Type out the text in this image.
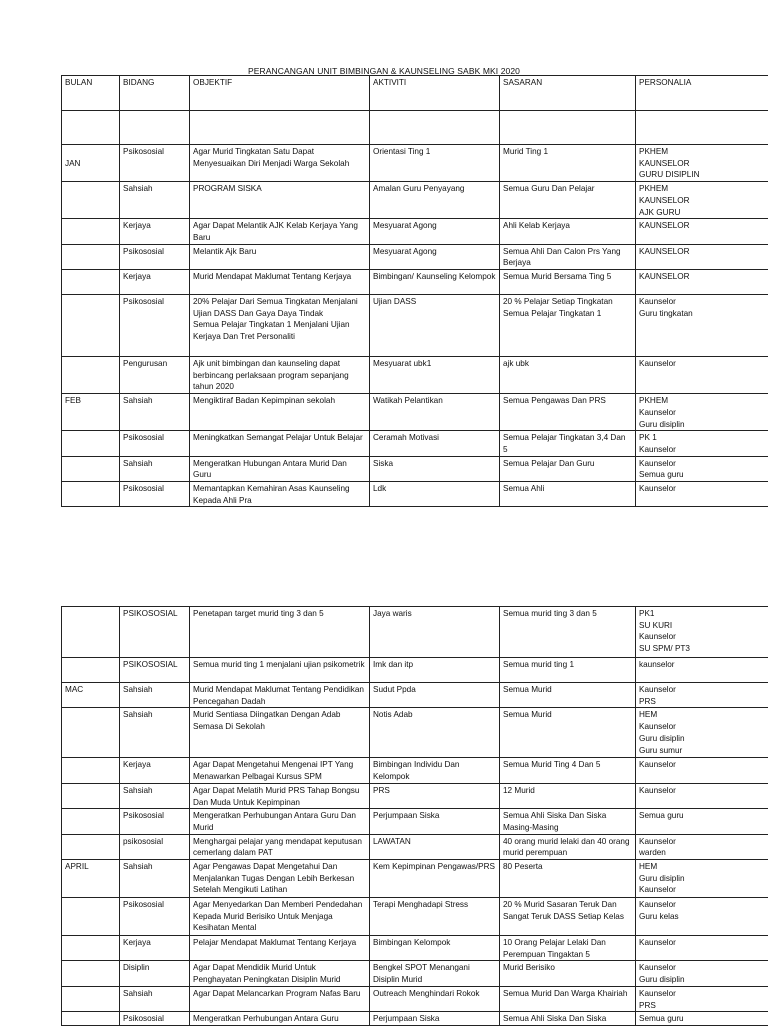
PERANCANGAN UNIT BIMBINGAN & KAUNSELING SABK MKI 2020
BULAN	BIDANG	OBJEKTIF	AKTIVITI	SASARAN	PERSONALIA

JAN	Psikososial	Agar Murid Tingkatan Satu Dapat Menyesuaikan Diri Menjadi Warga Sekolah	Orientasi Ting 1	Murid Ting 1	PKHEM
KAUNSELOR
GURU DISIPLIN
	Sahsiah	PROGRAM SISKA	Amalan Guru Penyayang	Semua Guru Dan Pelajar	PKHEM
KAUNSELOR
AJK GURU
	Kerjaya	Agar Dapat Melantik AJK Kelab Kerjaya Yang Baru	Mesyuarat Agong	Ahli Kelab Kerjaya	KAUNSELOR
	Psikososial	Melantik Ajk Baru	Mesyuarat Agong	Semua Ahli Dan Calon Prs Yang Berjaya	KAUNSELOR
	Kerjaya	Murid Mendapat Maklumat Tentang Kerjaya	Bimbingan/ Kaunseling Kelompok	Semua Murid Bersama Ting 5	KAUNSELOR
	Psikososial	20% Pelajar Dari Semua Tingkatan Menjalani Ujian DASS Dan Gaya Daya Tindak
Semua Pelajar Tingkatan 1 Menjalani Ujian Kerjaya Dan Tret Personaliti	Ujian DASS	20 % Pelajar Setiap Tingkatan
Semua Pelajar Tingkatan 1	Kaunselor
Guru tingkatan
	Pengurusan	Ajk unit bimbingan dan kaunseling dapat berbincang perlaksaan program sepanjang tahun 2020	Mesyuarat ubk1	ajk ubk	Kaunselor
FEB	Sahsiah	Mengiktiraf Badan Kepimpinan sekolah	Watikah Pelantikan	Semua Pengawas Dan PRS	PKHEM
Kaunselor
Guru disiplin
	Psikososial	Meningkatkan Semangat Pelajar Untuk Belajar	Ceramah Motivasi	Semua Pelajar Tingkatan 3,4 Dan 5	PK 1
Kaunselor
	Sahsiah	Mengeratkan Hubungan Antara Murid Dan Guru	Siska	Semua Pelajar Dan Guru	Kaunselor
Semua guru
	Psikososial	Memantapkan Kemahiran Asas Kaunseling Kepada Ahli Pra	Ldk	Semua Ahli	Kaunselor
	PSIKOSOSIAL	Penetapan target murid ting 3 dan 5	Jaya waris	Semua murid ting 3 dan 5	PK1
SU KURI
Kaunselor
SU SPM/ PT3
	PSIKOSOSIAL	Semua murid ting 1 menjalani ujian psikometrik	Imk dan itp	Semua murid ting 1	kaunselor
MAC	Sahsiah	Murid Mendapat Maklumat Tentang Pendidikan Pencegahan Dadah	Sudut Ppda	Semua Murid	Kaunselor
PRS
	Sahsiah	Murid Sentiasa Diingatkan Dengan Adab Semasa Di Sekolah	Notis Adab	Semua Murid	HEM
Kaunselor
Guru disiplin
Guru sumur
	Kerjaya	Agar Dapat Mengetahui Mengenai IPT Yang Menawarkan Pelbagai Kursus SPM	Bimbingan Individu Dan Kelompok	Semua Murid Ting 4 Dan 5	Kaunselor
	Sahsiah	Agar Dapat Melatih Murid PRS Tahap Bongsu Dan Muda Untuk Kepimpinan	PRS	12 Murid	Kaunselor
	Psikososial	Mengeratkan Perhubungan Antara Guru Dan Murid	Perjumpaan Siska	Semua Ahli Siska Dan Siska Masing-Masing	Semua guru
	psikososial	Menghargai pelajar yang mendapat keputusan cemerlang dalam PAT	LAWATAN	40 orang murid lelaki dan 40 orang murid perempuan	Kaunselor
warden
APRIL	Sahsiah	Agar Pengawas Dapat Mengetahui Dan Menjalankan Tugas Dengan Lebih Berkesan Setelah Mengikuti Latihan	Kem Kepimpinan Pengawas/PRS	80 Peserta	HEM
Guru disiplin
Kaunselor
	Psikososial	Agar Menyedarkan Dan Memberi Pendedahan Kepada Murid Berisiko Untuk Menjaga Kesihatan Mental	Terapi Menghadapi Stress	20 % Murid Sasaran Teruk Dan Sangat Teruk DASS Setiap Kelas	Kaunselor
Guru kelas
	Kerjaya	Pelajar Mendapat Maklumat Tentang Kerjaya	Bimbingan Kelompok	10 Orang Pelajar Lelaki Dan Perempuan Tingaktan 5	Kaunselor
	Disiplin	Agar Dapat Mendidik Murid Untuk Penghayatan Peningkatan Disiplin Murid	Bengkel SPOT Menangani Disiplin Murid	Murid Berisiko	Kaunselor
Guru disiplin
	Sahsiah	Agar Dapat Melancarkan Program Nafas Baru	Outreach Menghindari Rokok	Semua Murid Dan Warga Khairiah	Kaunselor
PRS
	Psikososial	Mengeratkan Perhubungan Antara Guru	Perjumpaan Siska	Semua Ahli Siska Dan Siska	Semua guru
